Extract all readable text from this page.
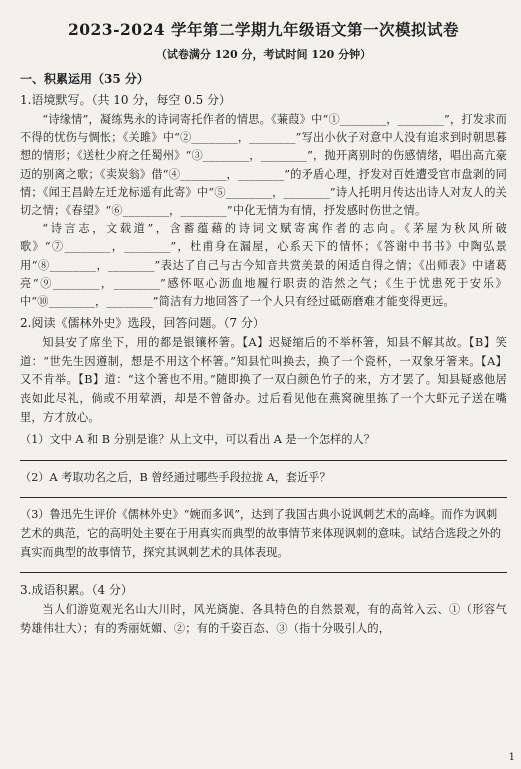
2023-2024 学年第二学期九年级语文第一次模拟试卷
（试卷满分 120 分，考试时间 120 分钟）
一、积累运用（35 分）
1.语境默写。（共 10 分，每空 0.5 分）

“诗缘情”，凝练隽永的诗词寄托作者的情思。《蒹葭》中“①________，________”，打发求而不得的忧伤与惆怅；《关雎》中“②________，________”写出小伙子对意中人没有追求到时朝思暮想的情形；《送杜少府之任蜀州》“③________，________”，抛开离别时的伤感情绪，唱出高亢豪迈的别离之歌；《卖炭翁》借“④________，________”的矛盾心理，抒发对百姓遭受官市盘剥的同情；《闻王昌龄左迁龙标遥有此寄》中“⑤________，________”诗人托明月传达出诗人对友人的关切之情；《春望》“⑥________，________”中化无情为有情，抒发感时伤世之情。

“诗言志，文载道”，含蓄蕴藉的诗词文赋寄寓作者的志向。《茅屋为秋风所破歌》“⑦________，________”，杜甫身在漏屋，心系天下的情怀；《答谢中书书》中陶弘景用“⑧________，________”表达了自己与古今知音共赏美景的闲适自得之情；《出师表》中诸葛亮“⑨________，________”感怀呕心沥血地履行职责的浩然之气；《生于忧患死于安乐》中“⑩________，________”简洁有力地回答了一个人只有经过砥砺磨难才能变得更远。

2.阅读《儒林外史》选段，回答问题。（7 分）

知县安了席坐下，用的都是银镶杯箸。【A】迟疑缩后的不举杯箸，知县不解其故。【B】笑道：“世先生因遵制，想是不用这个杯箸。”知县忙叫换去，换了一个瓷杯，一双象牙箸来。【A】又不肯举。【B】道：“这个箸也不用。”随即换了一双白颜色竹子的来，方才罢了。知县疑惑他居丧如此尽礼，倘或不用荤酒，却是不曾备办。过后看见他在燕窝碗里拣了一个大虾元子送在嘴里，方才放心。

（1）文中 A 和 B 分别是谁？从上文中，可以看出 A 是一个怎样的人？
（2）A 考取功名之后，B 曾经通过哪些手段拉拢 A，套近乎？
（3）鲁迅先生评价《儒林外史》“婉而多讽”，达到了我国古典小说讽刺艺术的高峰。而作为讽刺艺术的典范，它的高明处主要在于用真实而典型的故事情节来体现讽刺的意味。试结合选段之外的真实而典型的故事情节，探究其讽刺艺术的具体表现。
3.成语积累。（4 分）

当人们游览观光名山大川时，风光旖旎、各具特色的自然景观，有的高耸入云、①（形容气势雄伟壮大）；有的秀丽妩媚、②；有的千姿百态、③（指十分吸引人的，

1
